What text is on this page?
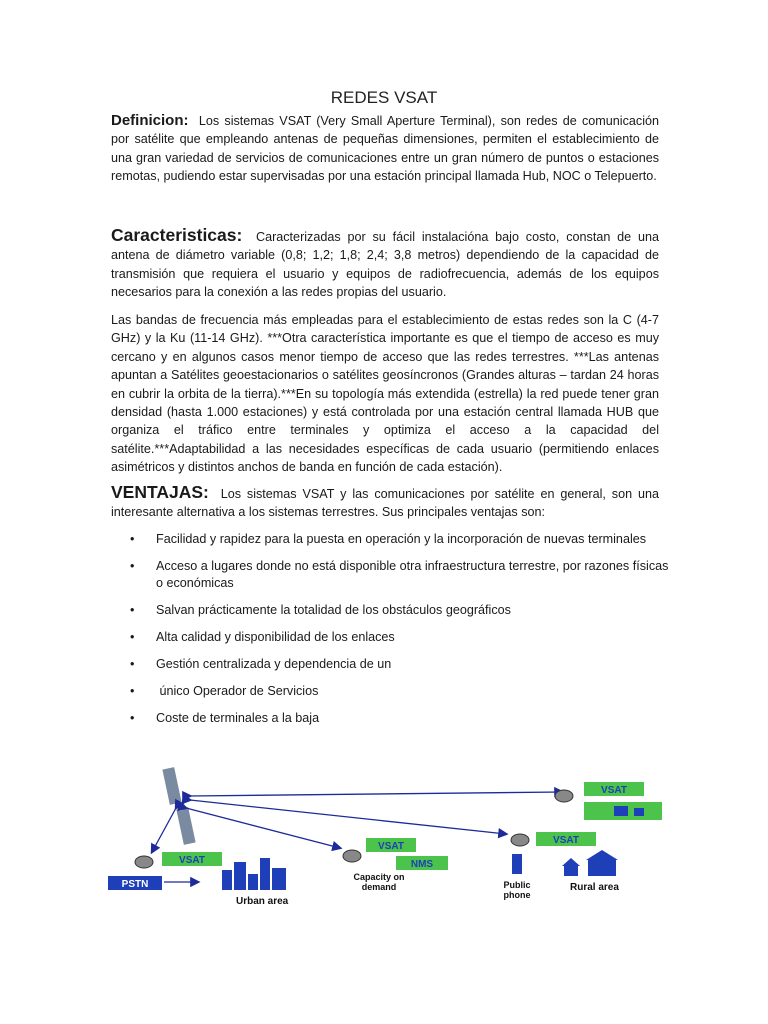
REDES VSAT

Definicion: Los sistemas VSAT (Very Small Aperture Terminal), son redes de comunicación por satélite que empleando antenas de pequeñas dimensiones, permiten el establecimiento de una gran variedad de servicios de comunicaciones entre un gran número de puntos o estaciones remotas, pudiendo estar supervisadas por una estación principal llamada Hub, NOC o Telepuerto.

Caracteristicas: Caracterizadas por su fácil instalacióna bajo costo, constan de una antena de diámetro variable (0,8; 1,2; 1,8; 2,4; 3,8 metros) dependiendo de la capacidad de transmisión que requiera el usuario y equipos de radiofrecuencia, además de los equipos necesarios para la conexión a las redes propias del usuario.

Las bandas de frecuencia más empleadas para el establecimiento de estas redes son la C (4-7 GHz) y la Ku (11-14 GHz). ***Otra característica importante es que el tiempo de acceso es muy cercano y en algunos casos menor tiempo de acceso que las redes terrestres. ***Las antenas apuntan a Satélites geoestacionarios o satélites geosíncronos (Grandes alturas – tardan 24 horas en cubrir la orbita de la tierra).***En su topología más extendida (estrella) la red puede tener gran densidad (hasta 1.000 estaciones) y está controlada por una estación central llamada HUB que organiza el tráfico entre terminales y optimiza el acceso a la capacidad del satélite.***Adaptabilidad a las necesidades específicas de cada usuario (permitiendo enlaces asimétricos y distintos anchos de banda en función de cada estación).

VENTAJAS: Los sistemas VSAT y las comunicaciones por satélite en general, son una interesante alternativa a los sistemas terrestres. Sus principales ventajas son:

• Facilidad y rapidez para la puesta en operación y la incorporación de nuevas terminales
• Acceso a lugares donde no está disponible otra infraestructura terrestre, por razones físicas o económicas
• Salvan prácticamente la totalidad de los obstáculos geográficos
• Alta calidad y disponibilidad de los enlaces
• Gestión centralizada y dependencia de un
• único Operador de Servicios
• Coste de terminales a la baja
VSAT
PSTN
Urban area
VSAT
NMS
Capacity on
demand
VSAT
Public
phone
Rural area
VSAT
